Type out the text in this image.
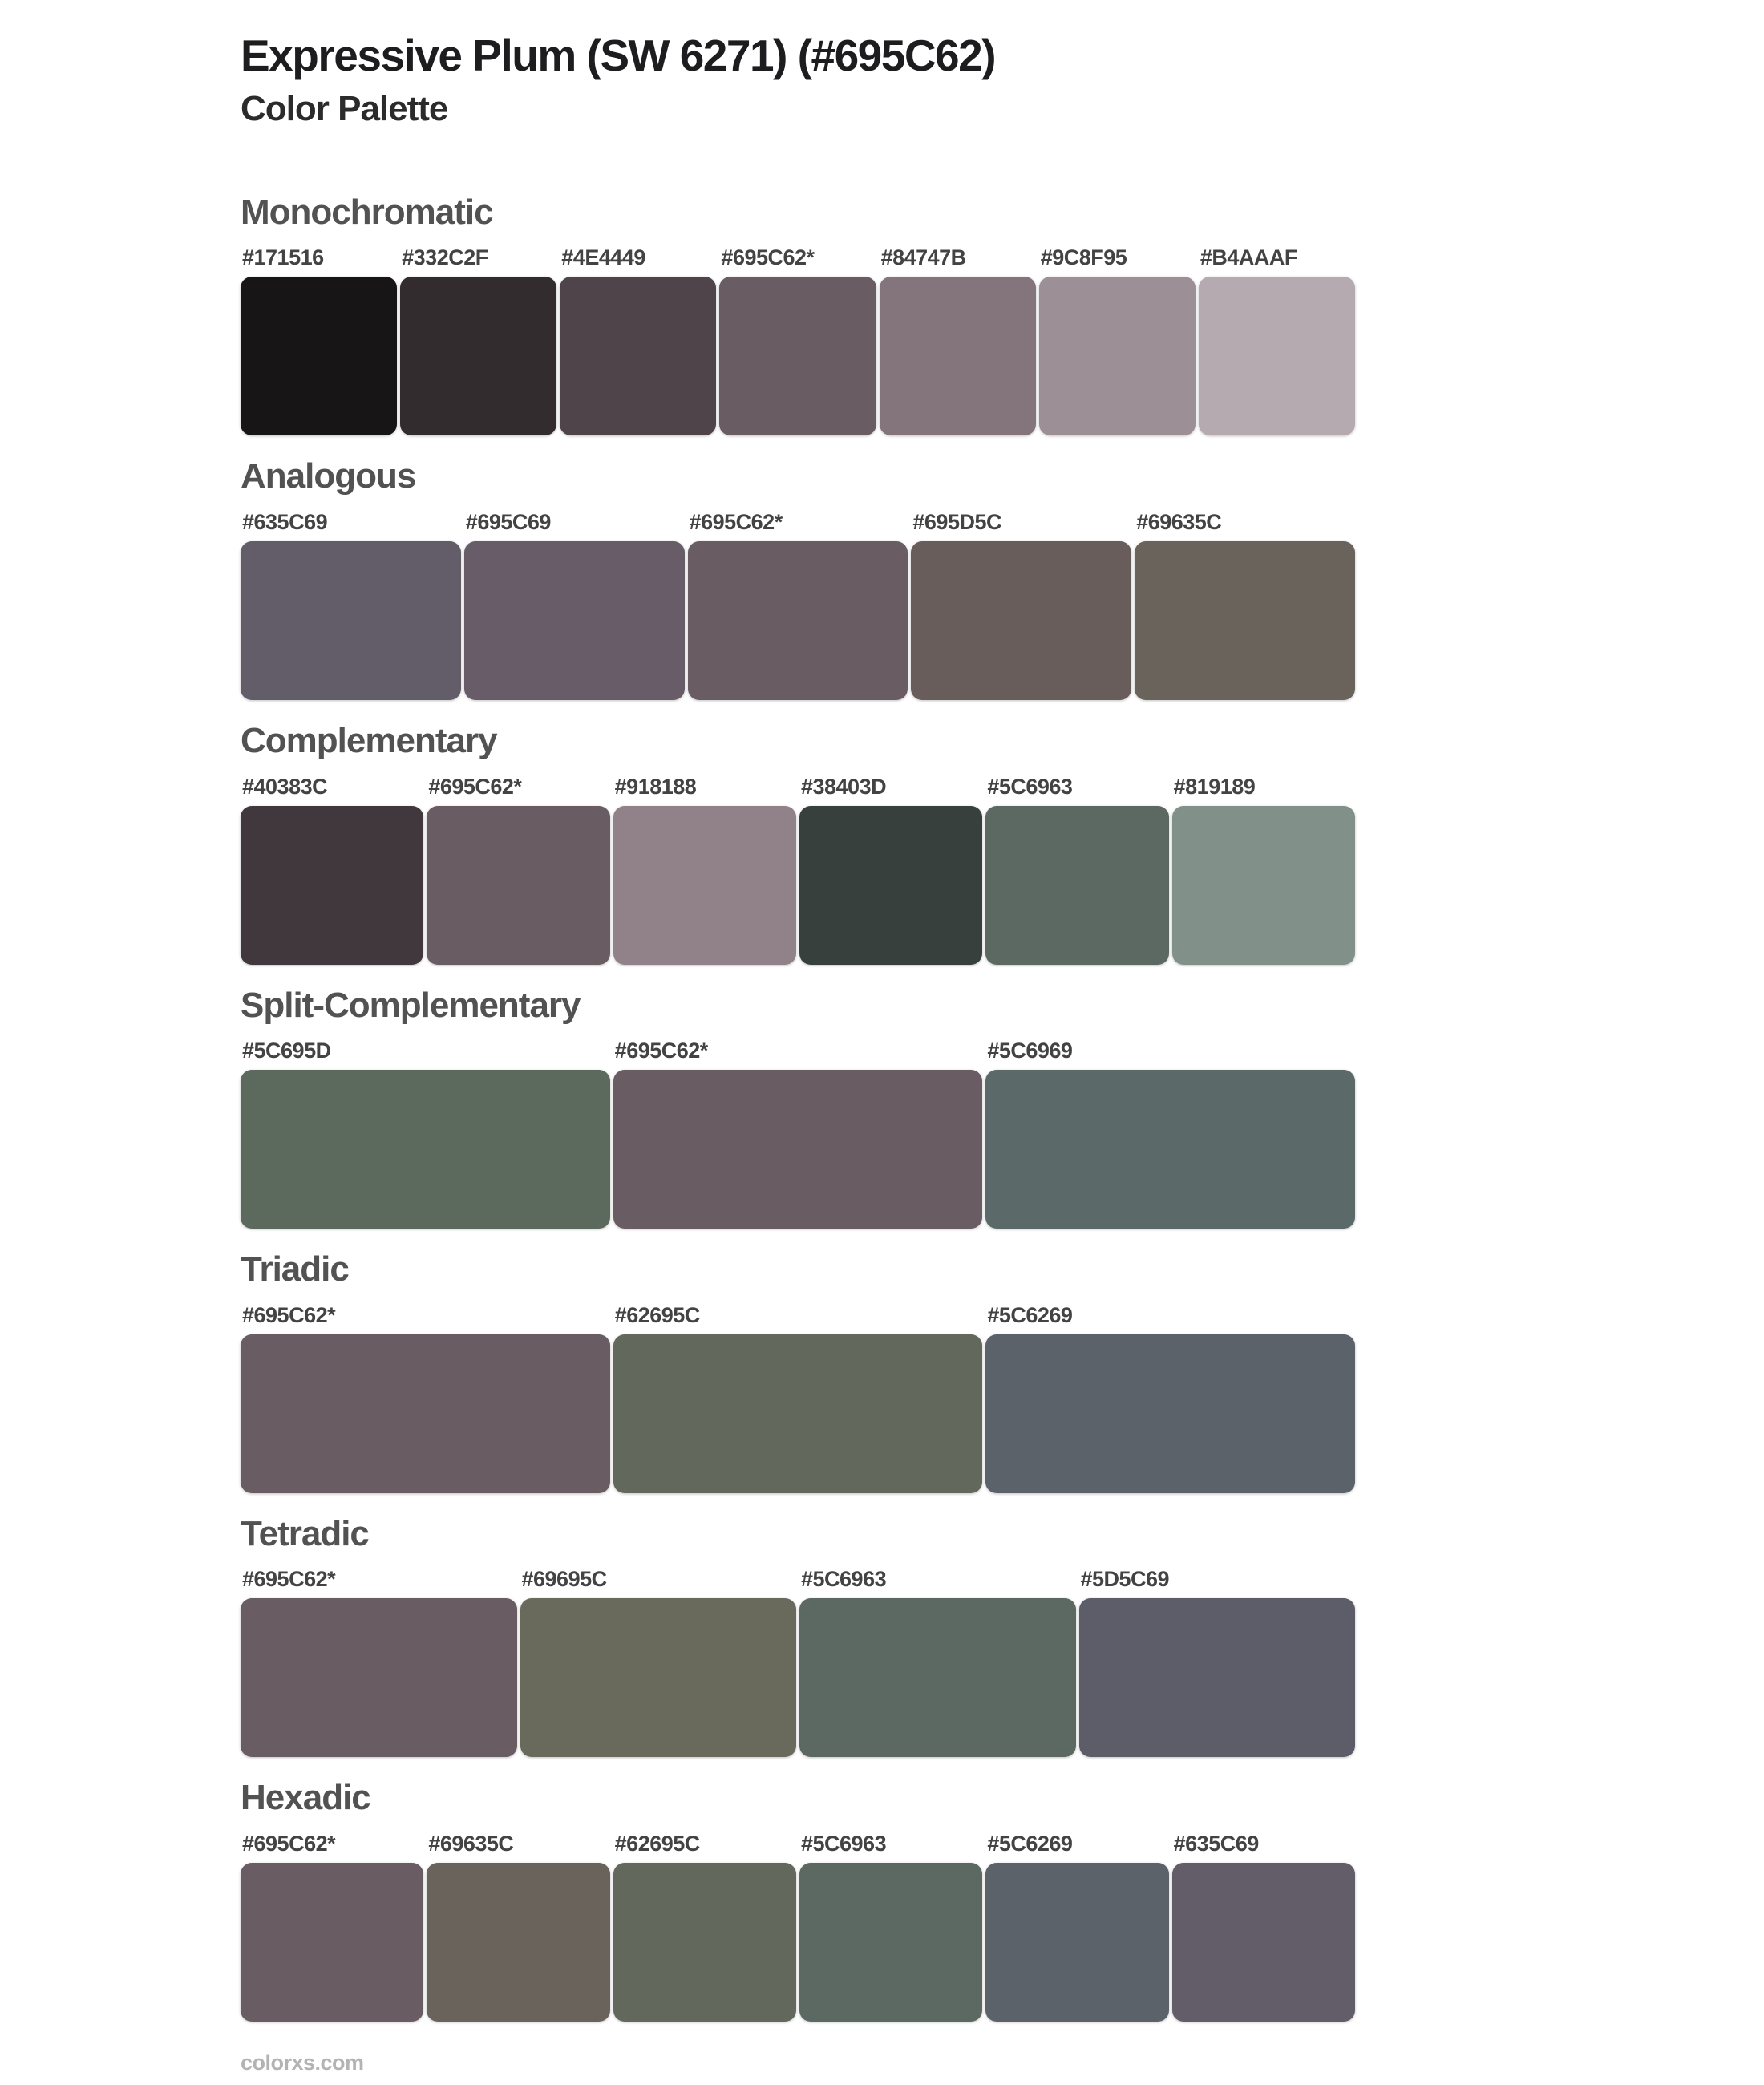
Expressive Plum (SW 6271) (#695C62)
Color Palette
Monochromatic
#171516	#332C2F	#4E4449	#695C62*	#84747B	#9C8F95	#B4AAAF
Analogous
#635C69	#695C69	#695C62*	#695D5C	#69635C
Complementary
#40383C	#695C62*	#918188	#38403D	#5C6963	#819189
Split-Complementary
#5C695D	#695C62*	#5C6969
Triadic
#695C62*	#62695C	#5C6269
Tetradic
#695C62*	#69695C	#5C6963	#5D5C69
Hexadic
#695C62*	#69635C	#62695C	#5C6963	#5C6269	#635C69
colorxs.com
